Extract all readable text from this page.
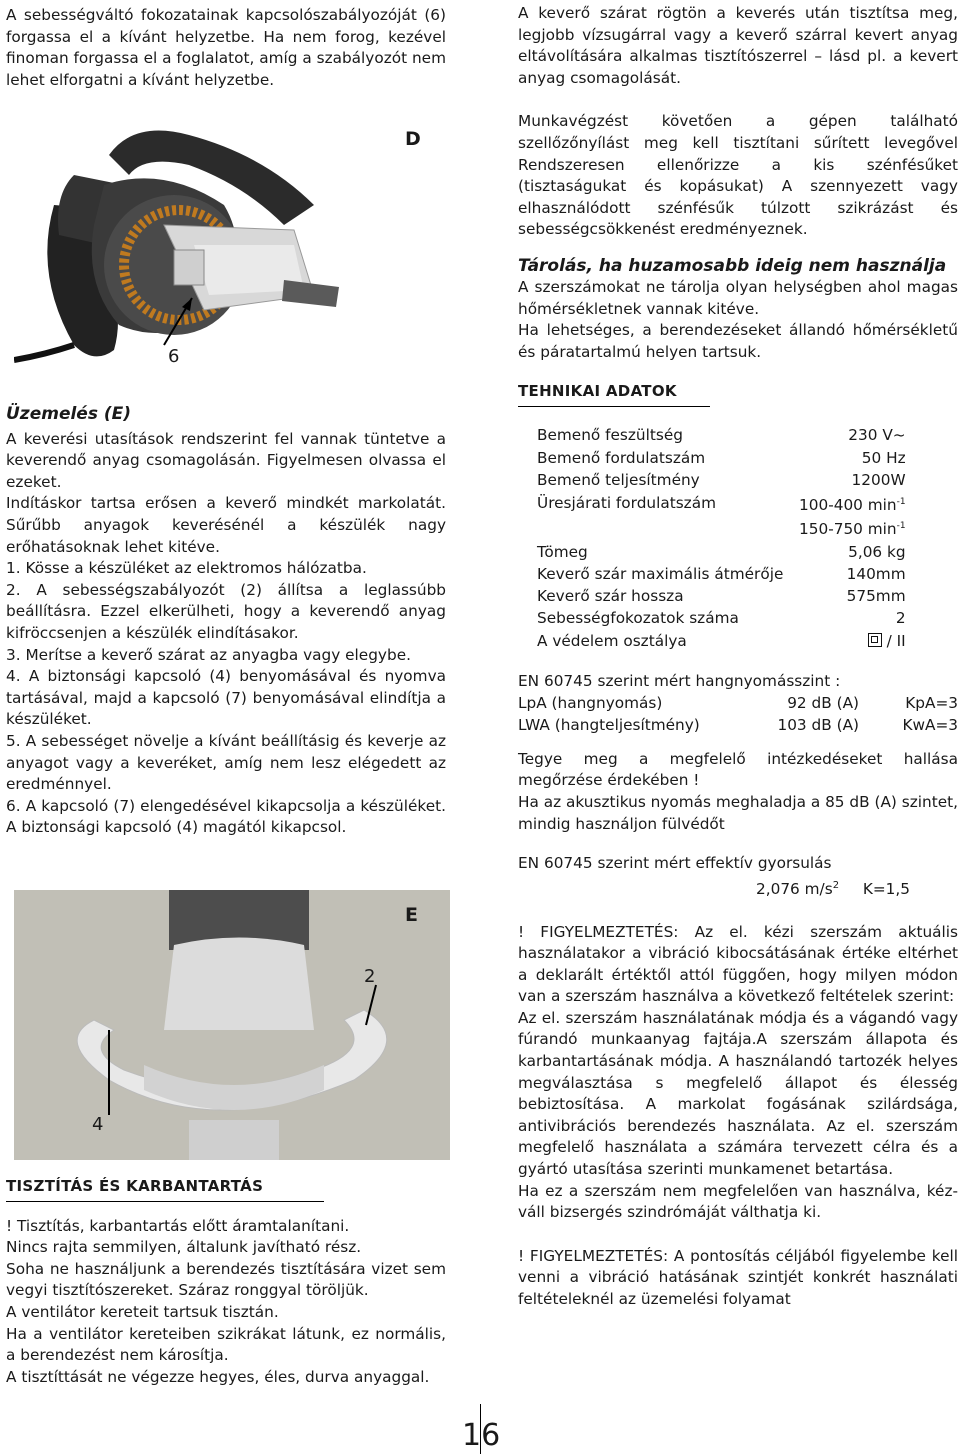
A sebességváltó fokozatainak kapcsolószabályozóját (6) forgassa el a kívánt helyzetbe. Ha nem forog, kezével finoman forgassa el a foglalatot, amíg a szabályozót nem lehet elforgatni a kívánt helyzetbe.

D
6
Üzemelés (E)

A keverési utasítások rendszerint fel vannak tüntetve a keverendő anyag csomagolásán. Figyelmesen olvassa el ezeket.

Indításkor tartsa erősen a keverő mindkét markolatát. Sűrűbb anyagok keverésénél a készülék nagy erőhatásoknak lehet kitéve.

1. Kösse a készüléket az elektromos hálózatba.

2. A sebességszabályozót (2) állítsa a leglassúbb beállításra. Ezzel elkerülheti, hogy a keverendő anyag kifröccsenjen a készülék elindításakor.

3. Merítse a keverő szárat az anyagba vagy elegybe.

4. A biztonsági kapcsoló (4) benyomásával és nyomva tartásával, majd a kapcsoló (7) benyomásával elindítja a készüléket.

5. A sebességet növelje a kívánt beállításig és keverje az anyagot vagy a keveréket, amíg nem lesz elégedett az eredménnyel.

6. A kapcsoló (7) elengedésével kikapcsolja a készüléket. A biztonsági kapcsoló (4) magától kikapcsol.

E
2
4
TISZTÍTÁS ÉS KARBANTARTÁS

! Tisztítás, karbantartás előtt áramtalanítani.

Nincs rajta semmilyen, általunk javítható rész.

Soha ne használjunk a berendezés tisztítására vizet sem vegyi tisztítószereket. Száraz ronggyal töröljük.

A ventilátor kereteit tartsuk tisztán.

Ha a ventilátor kereteiben szikrákat látunk, ez normális, a berendezést nem károsítja.

A tisztíttását ne végezze hegyes, éles, durva anyaggal.

A keverő szárat rögtön a keverés után tisztítsa meg, legjobb vízsugárral vagy a keverő szárral kevert anyag eltávolítására alkalmas tisztítószerrel – lásd pl. a kevert anyag csomagolását.

Munkavégzést követően a gépen található szellőzőnyílást meg kell tisztítani sűrített levegővel Rendszeresen ellenőrizze a kis szénfésűket (tisztaságukat és kopásukat) A szennyezett vagy elhasználódott szénfésűk túlzott szikrázást és sebességcsökkenést eredményeznek.

Tárolás, ha huzamosabb ideig nem használja

A szerszámokat ne tárolja olyan helységben ahol magas hőmérsékletnek vannak kitéve.

Ha lehetséges, a berendezéseket állandó hőmérsékletű és páratartalmú helyen tartsuk.

TEHNIKAI ADATOK
Bemenő feszültség	230 V~
Bemenő fordulatszám	50 Hz
Bemenő teljesítmény	1200W
Üresjárati fordulatszám	100-400 $\min^{-1}$
	150-750 $\min^{-1}$
Tömeg	5,06 kg
Keverő szár maximális átmérője	140mm
Keverő szár hossza	575mm
Sebességfokozatok száma	2
A védelem osztálya	/ II
EN 60745 szerint mért hangnyomásszint :
LpA (hangnyomás)	92 dB (A)	KpA=3
LWA (hangteljesítmény)	103 dB (A)	KwA=3

Tegye meg a megfelelő intézkedéseket hallása megőrzése érdekében !

Ha az akusztikus nyomás meghaladja a 85 dB (A) szintet, mindig használjon fülvédőt

EN 60745 szerint mért effektív gyorsulás
2,076 $m/s^2$ K=1,5

! FIGYELMEZTETÉS: Az el. kézi szerszám aktuális használatakor a vibráció kibocsátásának értéke eltérhet a deklarált értéktől attól függően, hogy milyen módon van a szerszám használva a következő feltételek szerint:

Az el. szerszám használatának módja és a vágandó vagy fúrandó munkaanyag fajtája.A szerszám állapota és karbantartásának módja. A használandó tartozék helyes megválasztása s megfelelő állapot és élesség bebiztosítása. A markolat fogásának szilárdsága, antivibrációs berendezés használata. Az el. szerszám megfelelő használata a számára tervezett célra és a gyártó utasítása szerinti munkamenet betartása.

Ha ez a szerszám nem megfelelően van használva, kéz-váll bizsergés szindrómáját válthatja ki.

! FIGYELMEZTETÉS: A pontosítás céljából figyelembe kell venni a vibráció hatásának szintjét konkrét használati feltételeknél az üzemelési folyamat

16
